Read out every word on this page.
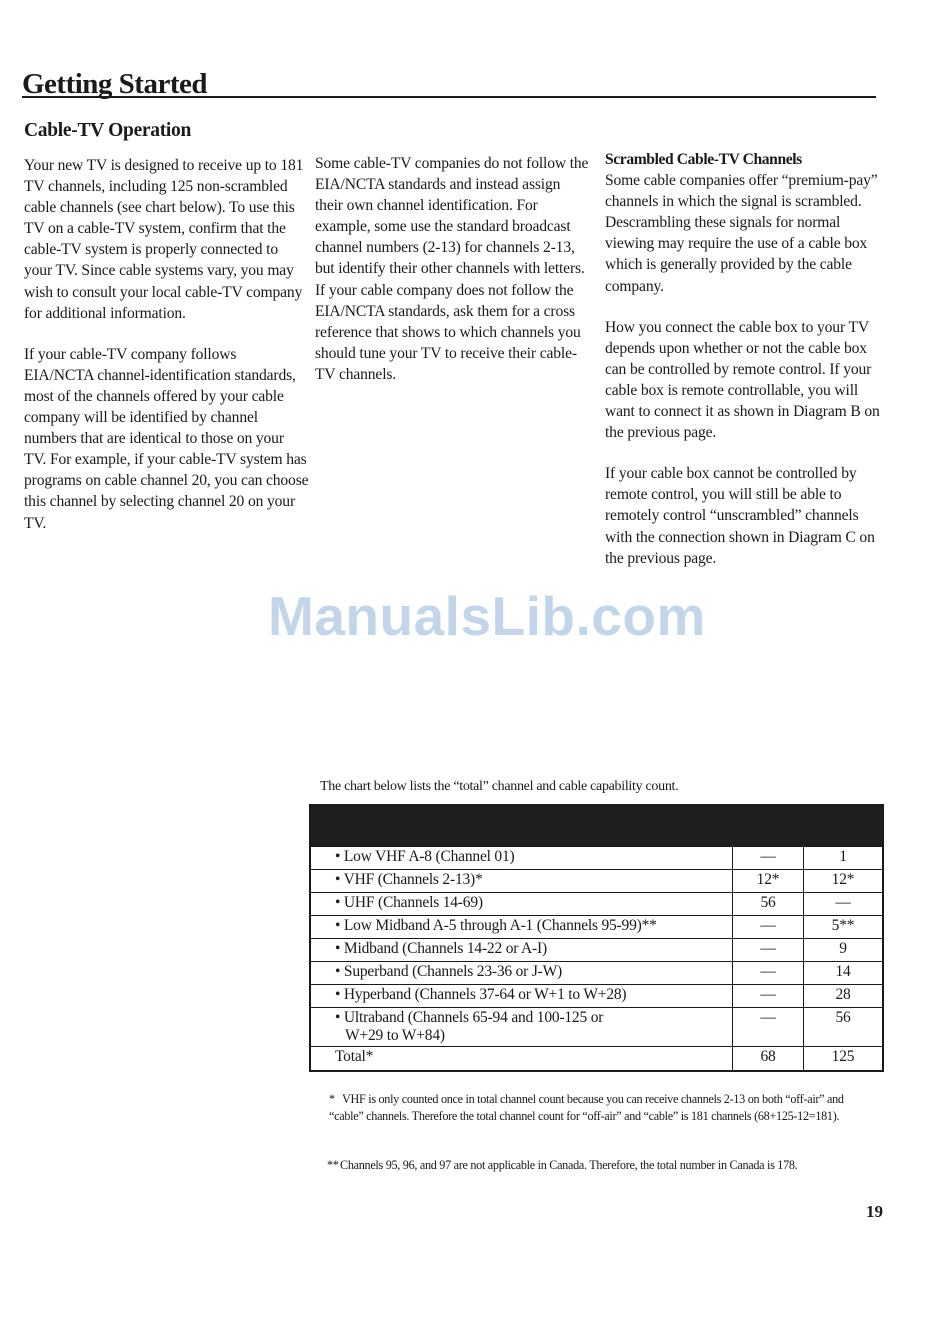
Getting Started
Cable-TV Operation

Your new TV is designed to receive up to 181 TV channels, including 125 non-scrambled cable channels (see chart below). To use this TV on a cable-TV system, confirm that the cable-TV system is properly connected to your TV. Since cable systems vary, you may wish to consult your local cable-TV company for additional information.

If your cable-TV company follows EIA/NCTA channel-identification standards, most of the channels offered by your cable company will be identified by channel numbers that are identical to those on your TV. For example, if your cable-TV system has programs on cable channel 20, you can choose this channel by selecting channel 20 on your TV.

Some cable-TV companies do not follow the EIA/NCTA standards and instead assign their own channel identification. For example, some use the standard broadcast channel numbers (2-13) for channels 2-13, but identify their other channels with letters. If your cable company does not follow the EIA/NCTA standards, ask them for a cross reference that shows to which channels you should tune your TV to receive their cable-TV channels.

Scrambled Cable-TV Channels

Some cable companies offer “premium-pay” channels in which the signal is scrambled. Descrambling these signals for normal viewing may require the use of a cable box which is generally provided by the cable company.

How you connect the cable box to your TV depends upon whether or not the cable box can be controlled by remote control. If your cable box is remote controllable, you will want to connect it as shown in Diagram B on the previous page.

If your cable box cannot be controlled by remote control, you will still be able to remotely control “unscrambled” channels with the connection shown in Diagram C on the previous page.

ManualsLib.com

The chart below lists the “total” channel and cable capability count.

• Low VHF A-8 (Channel 01)	—	1
• VHF (Channels 2-13)*	12*	12*
• UHF (Channels 14-69)	56	—
• Low Midband A-5 through A-1 (Channels 95-99)**	—	5**
• Midband (Channels 14-22 or A-I)	—	9
• Superband (Channels 23-36 or J-W)	—	14
• Hyperband (Channels 37-64 or W+1 to W+28)	—	28

• Ultraband (Channels 65-94 and 100-125 or
W+29 to W+84)	—	56
Total*	68	125

* VHF is only counted once in total channel count because you can receive channels 2-13 on both “off-air” and “cable” channels. Therefore the total channel count for “off-air” and “cable” is 181 channels (68+125-12=181).

**Channels 95, 96, and 97 are not applicable in Canada. Therefore, the total number in Canada is 178.

19
